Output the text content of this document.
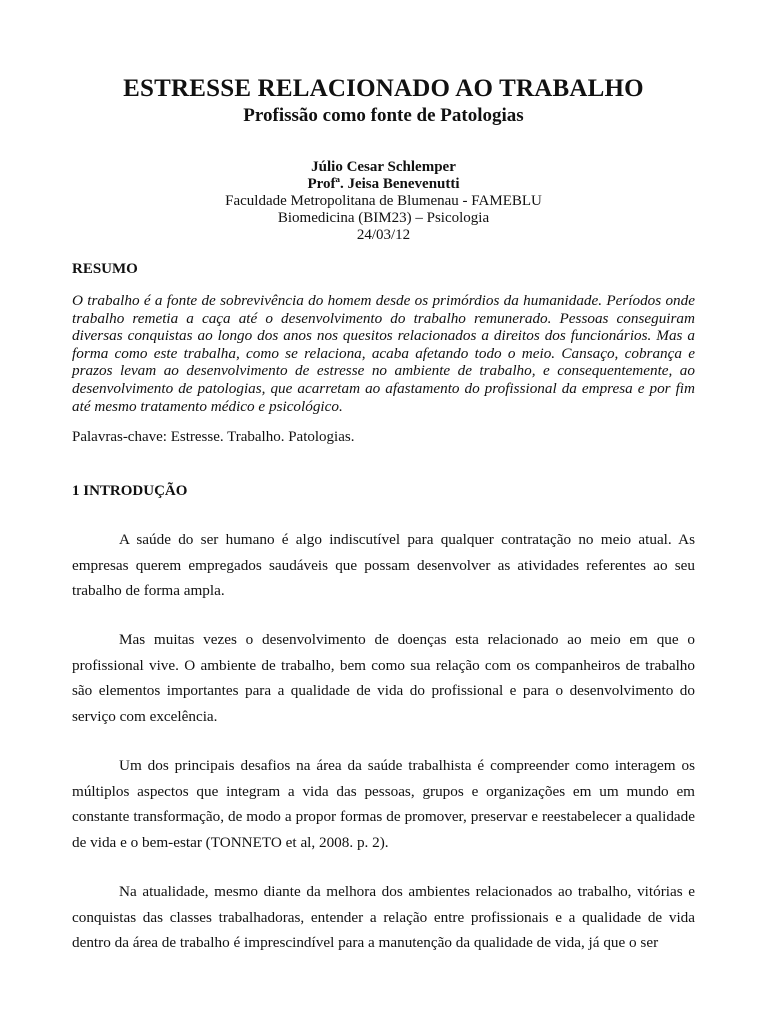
ESTRESSE RELACIONADO AO TRABALHO
Profissão como fonte de Patologias
Júlio Cesar Schlemper
Profª. Jeisa Benevenutti
Faculdade Metropolitana de Blumenau - FAMEBLU
Biomedicina (BIM23) – Psicologia
24/03/12
RESUMO

O trabalho é a fonte de sobrevivência do homem desde os primórdios da humanidade. Períodos onde trabalho remetia a caça até o desenvolvimento do trabalho remunerado. Pessoas conseguiram diversas conquistas ao longo dos anos nos quesitos relacionados a direitos dos funcionários. Mas a forma como este trabalha, como se relaciona, acaba afetando todo o meio. Cansaço, cobrança e prazos levam ao desenvolvimento de estresse no ambiente de trabalho, e consequentemente, ao desenvolvimento de patologias, que acarretam ao afastamento do profissional da empresa e por fim até mesmo tratamento médico e psicológico.

Palavras-chave: Estresse. Trabalho. Patologias.
1 INTRODUÇÃO

A saúde do ser humano é algo indiscutível para qualquer contratação no meio atual. As empresas querem empregados saudáveis que possam desenvolver as atividades referentes ao seu trabalho de forma ampla.

Mas muitas vezes o desenvolvimento de doenças esta relacionado ao meio em que o profissional vive. O ambiente de trabalho, bem como sua relação com os companheiros de trabalho são elementos importantes para a qualidade de vida do profissional e para o desenvolvimento do serviço com excelência.

Um dos principais desafios na área da saúde trabalhista é compreender como interagem os múltiplos aspectos que integram a vida das pessoas, grupos e organizações em um mundo em constante transformação, de modo a propor formas de promover, preservar e reestabelecer a qualidade de vida e o bem-estar (TONNETO et al, 2008. p. 2).

Na atualidade, mesmo diante da melhora dos ambientes relacionados ao trabalho, vitórias e conquistas das classes trabalhadoras, entender a relação entre profissionais e a qualidade de vida dentro da área de trabalho é imprescindível para a manutenção da qualidade de vida, já que o ser
